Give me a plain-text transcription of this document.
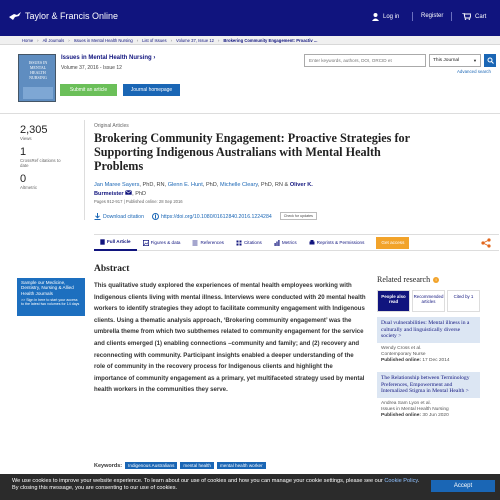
Taylor & Francis Online	Log in	Register	Cart
Home › All Journals › Issues in Mental Health Nursing › List of Issues › Volume 37, Issue 12 › Brokering Community Engagement: Proactiv ...
ISSUES IN MENTAL HEALTH NURSING
Issues in Mental Health Nursing ›
Volume 37, 2016 - Issue 12
Submit an article	Journal homepage
Enter keywords, authors, DOI, ORCID et
This Journal	▼
Advanced search
2,305
Views
1
CrossRef citations to date
0
Altmetric
Original Articles
Brokering Community Engagement: Proactive Strategies for Supporting Indigenous Australians with Mental Health Problems
Jan Maree Sayers, PhD, RN, Glenn E. Hunt, PhD, Michelle Cleary, PhD, RN & Oliver K. Burmeister , PhD
Pages 912-917 | Published online: 28 Sep 2016
Download citation	https://doi.org/10.1080/01612840.2016.1224284	Check for updates
Full Article	Figures & data	References	Citations	Metrics	Reprints & Permissions	Get access
Sample our Medicine, Dentistry, Nursing & Allied Health Journals
>> Sign in here to start your access to the latest two volumes for 14 days
Abstract
This qualitative study explored the experiences of mental health employees working with Indigenous clients living with mental illness. Interviews were conducted with 20 mental health workers to identify strategies they adopt to facilitate community engagement with Indigenous clients. Using a thematic analysis approach, ‘Brokering community engagement’ was the umbrella theme from which two subthemes related to community engagement for the service and clients emerged (1) enabling connections –community and family; and (2) recovery and reconnecting with community. Participant insights enabled a deeper understanding of the role of community in the recovery process for Indigenous clients and highlight the importance of community engagement as a primary, yet multifaceted strategy used by mental health workers in the communities they serve.
Keywords:	Indigenous Australians	mental health	mental health worker
Related research	i
People also read
Recommended articles
Cited by 1
Dual vulnerabilities: Mental illness in a culturally and linguistically diverse society >
Wendy Cross et al.
Contemporary Nurse
Published online: 17 Dec 2014
The Relationship between Terminology Preferences, Empowerment and Internalized Stigma in Mental Health >
Andrea Sam Lyon et al.
Issues in Mental Health Nursing
Published online: 30 Jun 2020
We use cookies to improve your website experience. To learn about our use of cookies and how you can manage your cookie settings, please see our Cookie Policy. By closing this message, you are consenting to our use of cookies.	Accept
